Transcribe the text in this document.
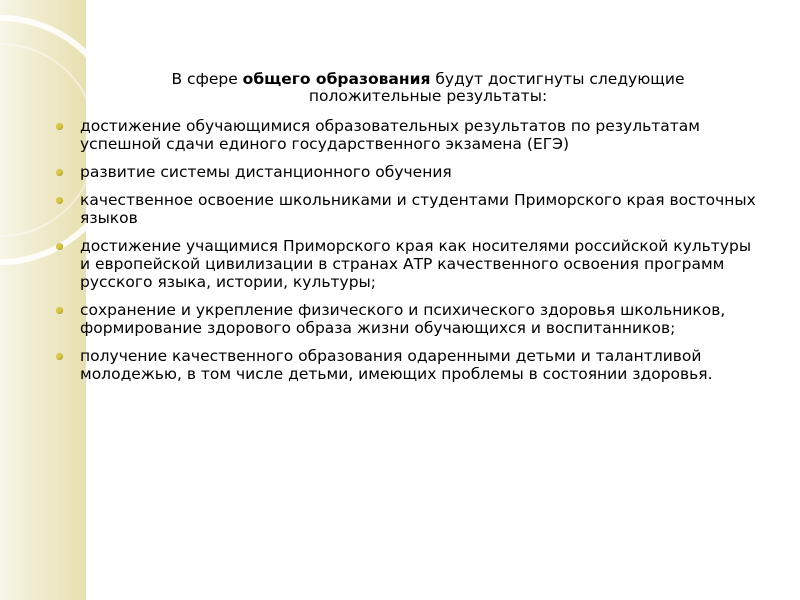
В сфере общего образования будут достигнуты следующие
положительные результаты:
достижение обучающимися образовательных результатов по результатам успешной сдачи единого государственного экзамена (ЕГЭ)
развитие системы дистанционного обучения
качественное освоение школьниками и студентами Приморского края восточных языков
достижение учащимися Приморского края как носителями российской культуры и европейской цивилизации в странах АТР качественного освоения программ русского языка, истории, культуры;
сохранение и укрепление физического и психического здоровья школьников, формирование здорового образа жизни обучающихся и воспитанников;
получение качественного образования одаренными детьми и талантливой молодежью, в том числе детьми, имеющих проблемы в состоянии здоровья.
